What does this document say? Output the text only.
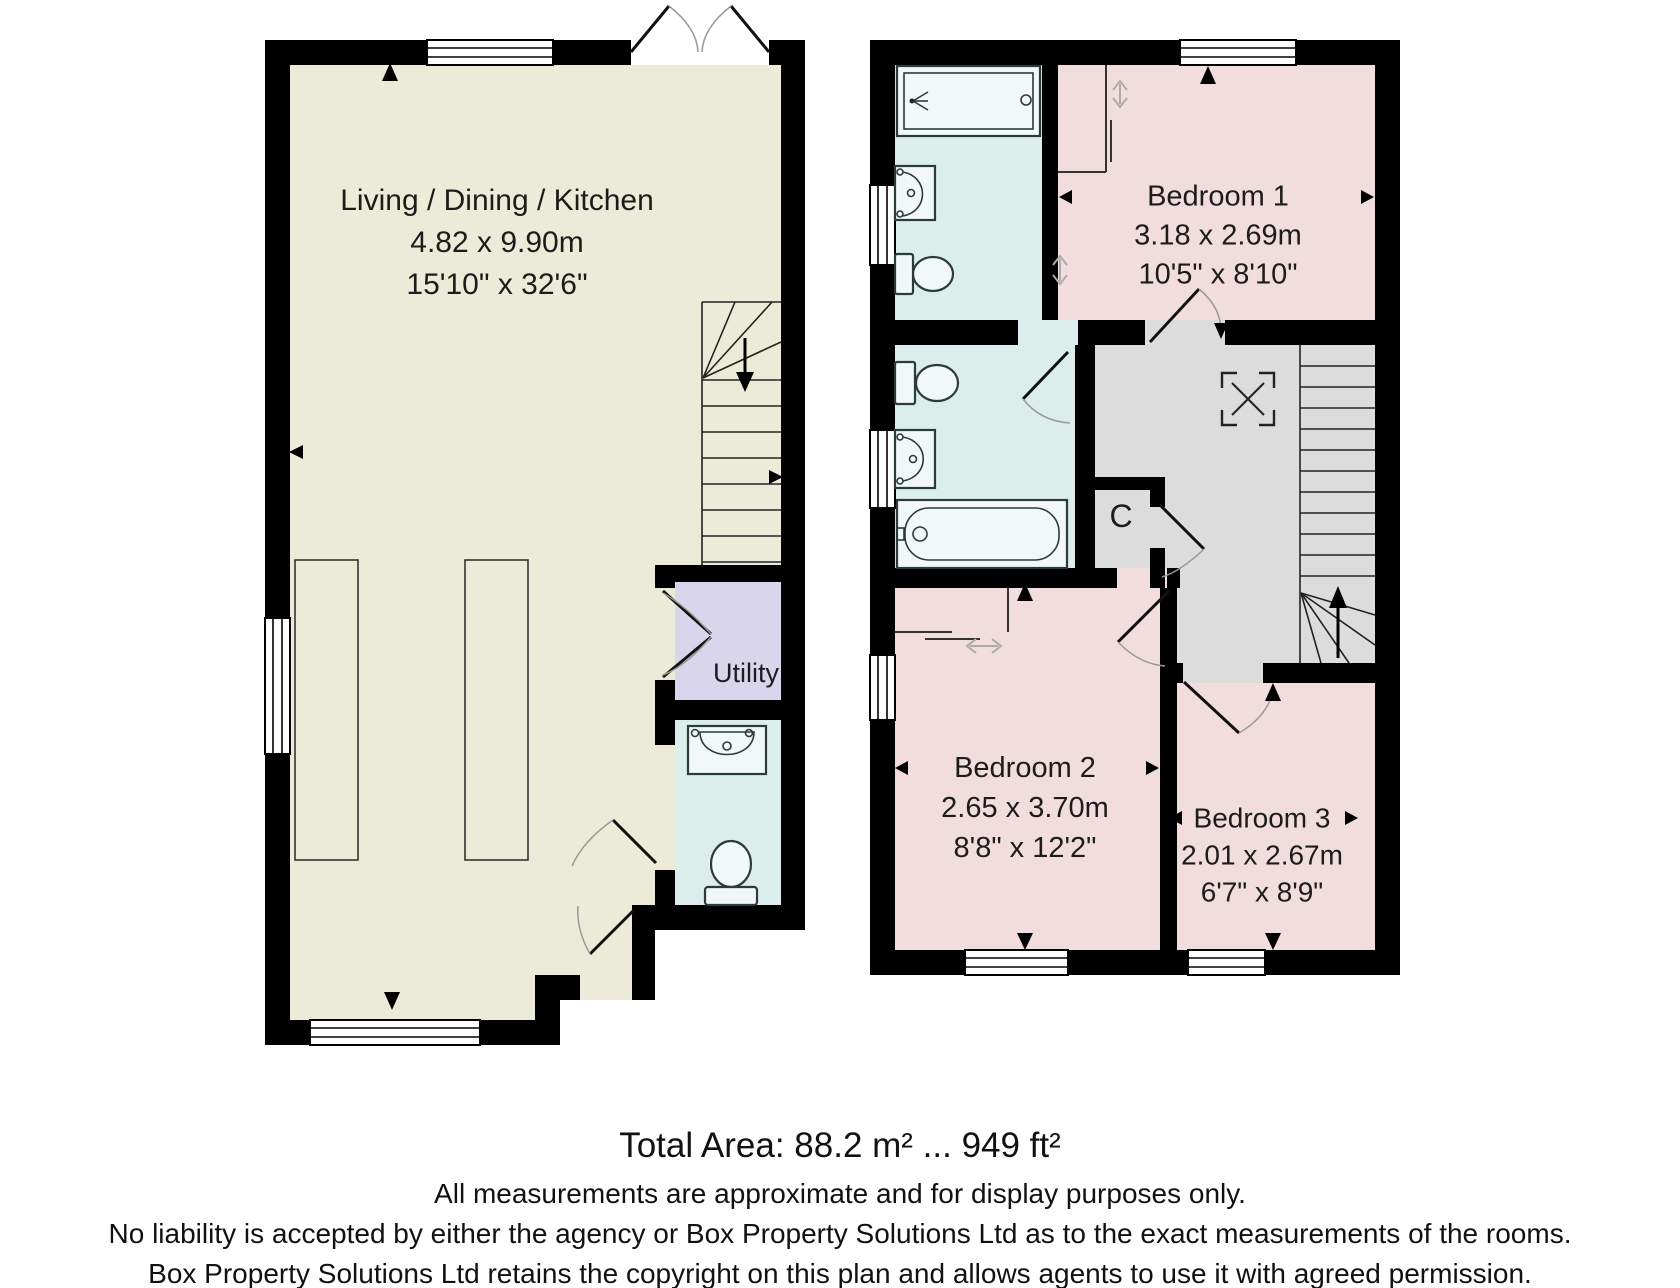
Living / Dining / Kitchen
4.82 x 9.90m
15'10" x 32'6"
Utility
Bedroom 1
3.18 x 2.69m
10'5" x 8'10"
Bedroom 2
2.65 x 3.70m
8'8" x 12'2"
Bedroom 3
2.01 x 2.67m
6'7" x 8'9"
C
Total Area: 88.2 m² ... 949 ft²
All measurements are approximate and for display purposes only.
No liability is accepted by either the agency or Box Property Solutions Ltd as to the exact measurements of the rooms.
Box Property Solutions Ltd retains the copyright on this plan and allows agents to use it with agreed permission.
